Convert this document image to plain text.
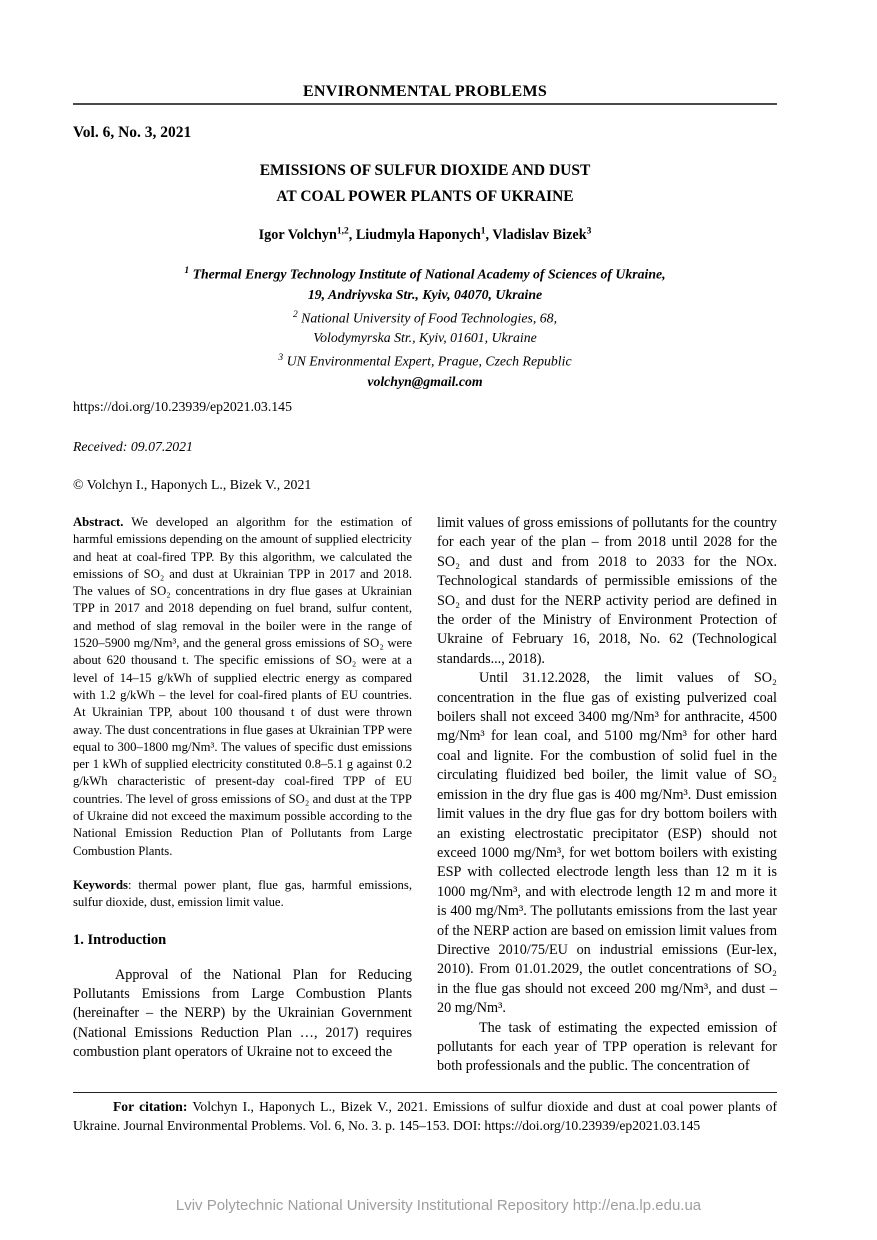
ENVIRONMENTAL PROBLEMS
Vol. 6, No. 3, 2021
EMISSIONS OF SULFUR DIOXIDE AND DUST
AT COAL POWER PLANTS OF UKRAINE
Igor Volchyn$^{1,2}$, Liudmyla Haponych$^1$, Vladislav Bizek$^3$
$^1$ Thermal Energy Technology Institute of National Academy of Sciences of Ukraine,
19, Andriyvska Str., Kyiv, 04070, Ukraine
$^2$ National University of Food Technologies, 68,
Volodymyrska Str., Kyiv, 01601, Ukraine
$^3$ UN Environmental Expert, Prague, Czech Republic
volchyn@gmail.com
https://doi.org/10.23939/ep2021.03.145
Received: 09.07.2021
© Volchyn I., Haponych L., Bizek V., 2021

Abstract. We developed an algorithm for the estimation of harmful emissions depending on the amount of supplied electricity and heat at coal-fired TPP. By this algorithm, we calculated the emissions of SO₂ and dust at Ukrainian TPP in 2017 and 2018. The values of SO₂ concentrations in dry flue gases at Ukrainian TPP in 2017 and 2018 depending on fuel brand, sulfur content, and method of slag removal in the boiler were in the range of 1520–5900 mg/Nm³, and the general gross emissions of SO₂ were about 620 thousand t. The specific emissions of SO₂ were at a level of 14–15 g/kWh of supplied electric energy as compared with 1.2 g/kWh – the level for coal-fired plants of EU countries. At Ukrainian TPP, about 100 thousand t of dust were thrown away. The dust concentrations in flue gases at Ukrainian TPP were equal to 300–1800 mg/Nm³. The values of specific dust emissions per 1 kWh of supplied electricity constituted 0.8–5.1 g against 0.2 g/kWh characteristic of present-day coal-fired TPP of EU countries. The level of gross emissions of SO₂ and dust at the TPP of Ukraine did not exceed the maximum possible according to the National Emission Reduction Plan of Pollutants from Large Combustion Plants.

Keywords: thermal power plant, flue gas, harmful emissions, sulfur dioxide, dust, emission limit value.

1. Introduction

Approval of the National Plan for Reducing Pollutants Emissions from Large Combustion Plants (hereinafter – the NERP) by the Ukrainian Government (National Emissions Reduction Plan …, 2017) requires combustion plant operators of Ukraine not to exceed the

limit values of gross emissions of pollutants for the country for each year of the plan – from 2018 until 2028 for the SO₂ and dust and from 2018 to 2033 for the NOx. Technological standards of permissible emissions of the SO₂ and dust for the NERP activity period are defined in the order of the Ministry of Environment Protection of Ukraine of February 16, 2018, No. 62 (Technological standards..., 2018).

Until 31.12.2028, the limit values of SO₂ concentration in the flue gas of existing pulverized coal boilers shall not exceed 3400 mg/Nm³ for anthracite, 4500 mg/Nm³ for lean coal, and 5100 mg/Nm³ for other hard coal and lignite. For the combustion of solid fuel in the circulating fluidized bed boiler, the limit value of SO₂ emission in the dry flue gas is 400 mg/Nm³. Dust emission limit values in the dry flue gas for dry bottom boilers with an existing electrostatic precipitator (ESP) should not exceed 1000 mg/Nm³, for wet bottom boilers with existing ESP with collected electrode length less than 12 m it is 1000 mg/Nm³, and with electrode length 12 m and more it is 400 mg/Nm³. The pollutants emissions from the last year of the NERP action are based on emission limit values from Directive 2010/75/EU on industrial emissions (Eur-lex, 2010). From 01.01.2029, the outlet concentrations of SO₂ in the flue gas should not exceed 200 mg/Nm³, and dust – 20 mg/Nm³.

The task of estimating the expected emission of pollutants for each year of TPP operation is relevant for both professionals and the public. The concentration of

For citation: Volchyn I., Haponych L., Bizek V., 2021. Emissions of sulfur dioxide and dust at coal power plants of Ukraine. Journal Environmental Problems. Vol. 6, No. 3. p. 145–153. DOI: https://doi.org/10.23939/ep2021.03.145
Lviv Polytechnic National University Institutional Repository http://ena.lp.edu.ua
